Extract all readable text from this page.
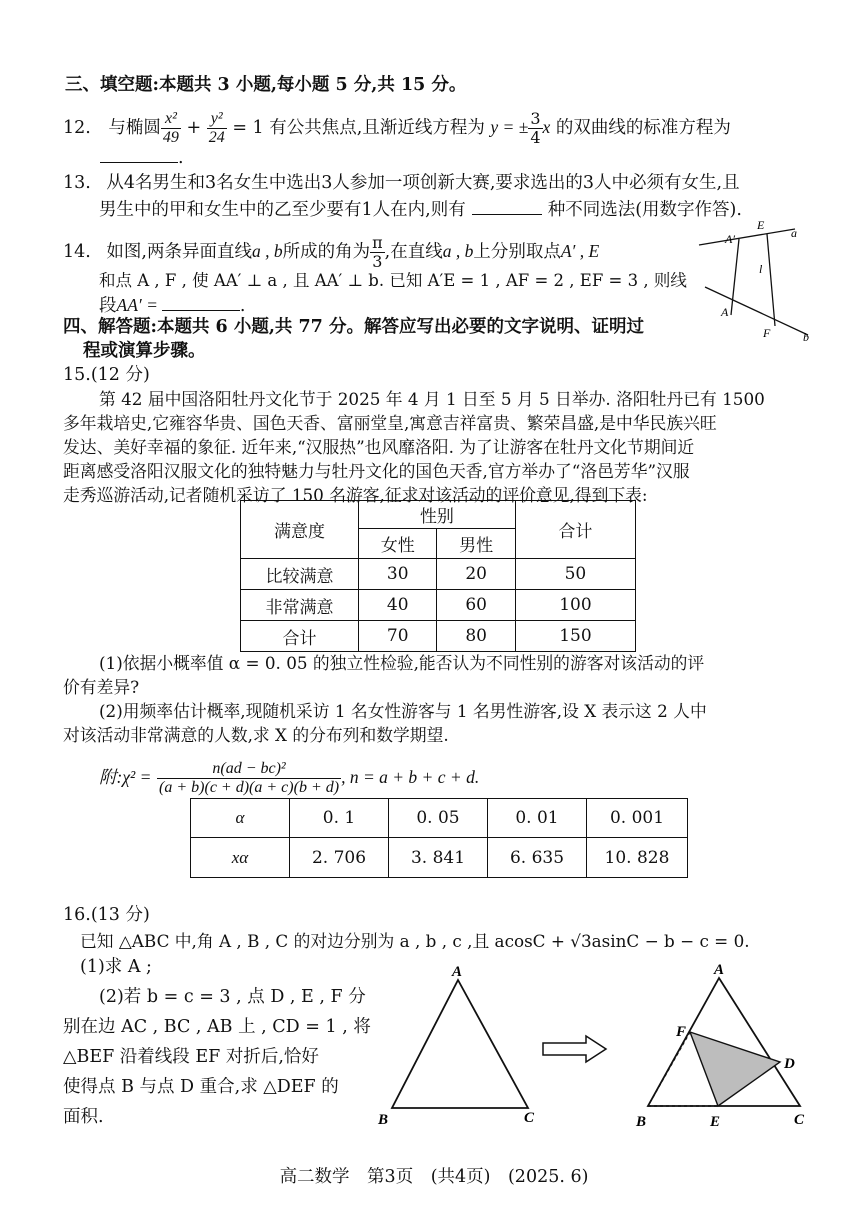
三、填空题:本题共 3 小题,每小题 5 分,共 15 分。
12. 与椭圆 $\frac{\text{x²}}{49} + \frac{\text{y²}}{24} = 1$ 有公共焦点,且渐近线方程为 y = ± $\frac{3}{4}$ x 的双曲线的标准方程为
.
13. 从4名男生和3名女生中选出3人参加一项创新大赛,要求选出的3人中必须有女生,且
男生中的甲和女生中的乙至少要有1人在内,则有	种不同选法(用数字作答).
14. 如图,两条异面直线a , b所成的角为 $\frac{\pi}{3}$ ,在直线a , b上分别取点A′ , E
和点 A , F , 使 AA′ ⊥ a , 且 AA′ ⊥ b. 已知 A′E = 1 , AF = 2 , EF = 3 , 则线
段AA′ =	.
A′
E
a
l
A
F	b
四、解答题:本题共 6 小题,共 77 分。解答应写出必要的文字说明、证明过
程或演算步骤。
15.(12 分)
第 42 届中国洛阳牡丹文化节于 2025 年 4 月 1 日至 5 月 5 日举办. 洛阳牡丹已有 1500
多年栽培史,它雍容华贵、国色天香、富丽堂皇,寓意吉祥富贵、繁荣昌盛,是中华民族兴旺
发达、美好幸福的象征. 近年来,“汉服热”也风靡洛阳. 为了让游客在牡丹文化节期间近
距离感受洛阳汉服文化的独特魅力与牡丹文化的国色天香,官方举办了“洛邑芳华”汉服
走秀巡游活动,记者随机采访了 150 名游客,征求对该活动的评价意见,得到下表:
满意度	性别		合计
	女性	男性	
比较满意	30	20	50
非常满意	40	60	100
合计	70	80	150
(1)依据小概率值 α = 0. 05 的独立性检验,能否认为不同性别的游客对该活动的评
价有差异?
(2)用频率估计概率,现随机采访 1 名女性游客与 1 名男性游客,设 X 表示这 2 人中
对该活动非常满意的人数,求 X 的分布列和数学期望.
附:χ² = $\frac{\text{n(ad − bc)²}}{(a + b)(c + d)(a + c)(b + d)}$ , n = a + b + c + d.
α	0. 1	0. 05	0. 01	0. 001
xα	2. 706	3. 841	6. 635	10. 828
16.(13 分)
已知 △ABC 中,角 A , B , C 的对边分别为 a , b , c ,且 acosC + √3asinC − b − c = 0.
(1)求 A ;
(2)若 b = c = 3 , 点 D , E , F 分
别在边 AC , BC , AB 上 , CD = 1 , 将
△BEF 沿着线段 EF 对折后,恰好
使得点 B 与点 D 重合,求 △DEF 的
面积.
A
B	C
A
F
D
B	E	C
高二数学　第3页　(共4页)　(2025. 6)
